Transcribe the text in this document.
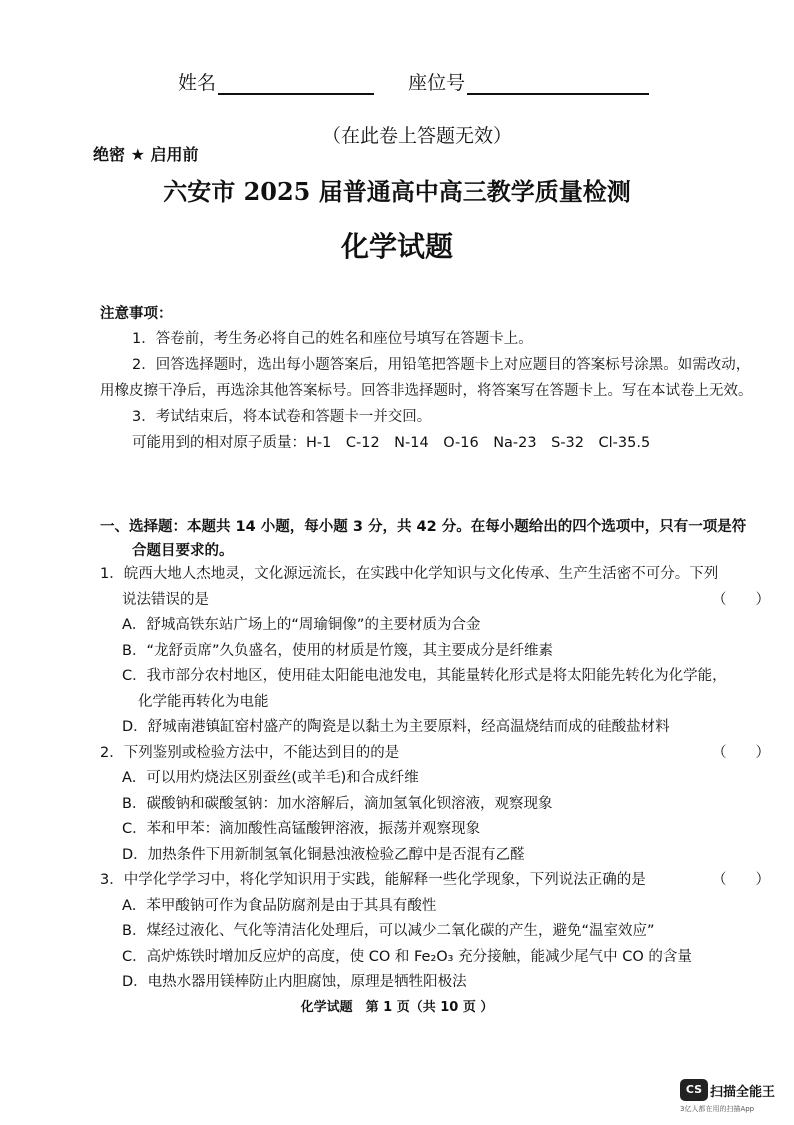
姓名	座位号
（在此卷上答题无效）
绝密 ★ 启用前
六安市 2025 届普通高中高三教学质量检测
化学试题
注意事项：
1．答卷前，考生务必将自己的姓名和座位号填写在答题卡上。
2．回答选择题时，选出每小题答案后，用铅笔把答题卡上对应题目的答案标号涂黑。如需改动，用橡皮擦干净后，再选涂其他答案标号。回答非选择题时，将答案写在答题卡上。写在本试卷上无效。
3．考试结束后，将本试卷和答题卡一并交回。
可能用到的相对原子质量：H-1　C-12　N-14　O-16　Na-23　S-32　Cl-35.5
一、选择题：本题共 14 小题，每小题 3 分，共 42 分。在每小题给出的四个选项中，只有一项是符
合题目要求的。
1．皖西大地人杰地灵，文化源远流长，在实践中化学知识与文化传承、生产生活密不可分。下列
说法错误的是	（　　）
A．舒城高铁东站广场上的“周瑜铜像”的主要材质为合金
B．“龙舒贡席”久负盛名，使用的材质是竹篾，其主要成分是纤维素
C．我市部分农村地区，使用硅太阳能电池发电，其能量转化形式是将太阳能先转化为化学能，
化学能再转化为电能
D．舒城南港镇缸窑村盛产的陶瓷是以黏土为主要原料，经高温烧结而成的硅酸盐材料
2．下列鉴别或检验方法中，不能达到目的的是	（　　）
A．可以用灼烧法区别蚕丝(或羊毛)和合成纤维
B．碳酸钠和碳酸氢钠：加水溶解后，滴加氢氧化钡溶液，观察现象
C．苯和甲苯：滴加酸性高锰酸钾溶液，振荡并观察现象
D．加热条件下用新制氢氧化铜悬浊液检验乙醇中是否混有乙醛
3．中学化学学习中，将化学知识用于实践，能解释一些化学现象，下列说法正确的是	（　　）
A．苯甲酸钠可作为食品防腐剂是由于其具有酸性
B．煤经过液化、气化等清洁化处理后，可以减少二氧化碳的产生，避免“温室效应”
C．高炉炼铁时增加反应炉的高度，使 CO 和 Fe₂O₃ 充分接触，能减少尾气中 CO 的含量
D．电热水器用镁棒防止内胆腐蚀，原理是牺牲阳极法
化学试题　第 1 页（共 10 页 ）
CS 扫描全能王
3亿人都在用的扫描App
